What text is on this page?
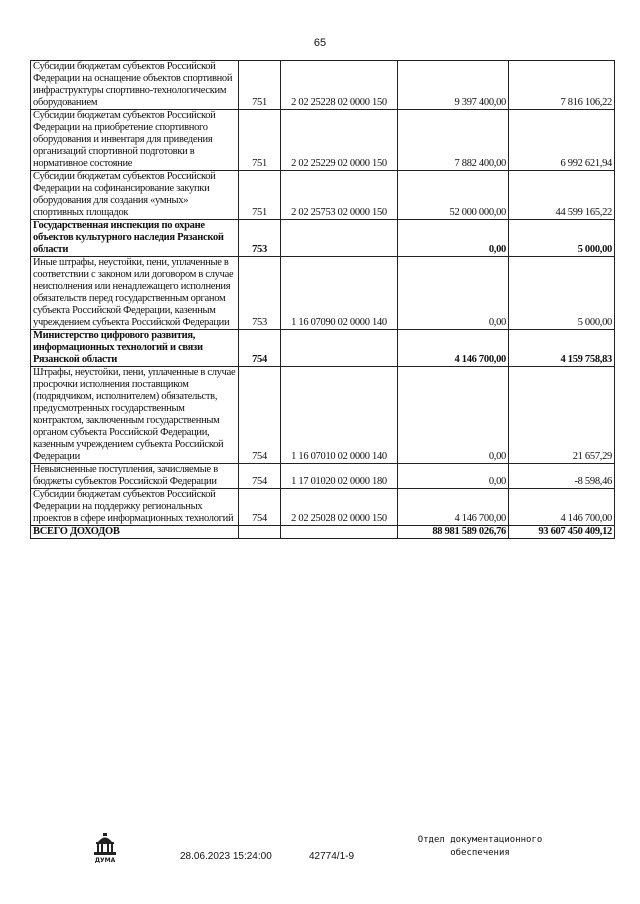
65
Субсидии бюджетам субъектов Российской Федерации на оснащение объектов спортивной инфраструктуры спортивно-технологическим оборудованием	751	2 02 25228 02 0000 150	9 397 400,00	7 816 106,22
Субсидии бюджетам субъектов Российской Федерации на приобретение спортивного оборудования и инвентаря для приведения организаций спортивной подготовки в нормативное состояние	751	2 02 25229 02 0000 150	7 882 400,00	6 992 621,94
Субсидии бюджетам субъектов Российской Федерации на софинансирование закупки оборудования для создания «умных» спортивных площадок	751	2 02 25753 02 0000 150	52 000 000,00	44 599 165,22
Государственная инспекция по охране объектов культурного наследия Рязанской области	753		0,00	5 000,00
Иные штрафы, неустойки, пени, уплаченные в соответствии с законом или договором в случае неисполнения или ненадлежащего исполнения обязательств перед государственным органом субъекта Российской Федерации, казенным учреждением субъекта Российской Федерации	753	1 16 07090 02 0000 140	0,00	5 000,00
Министерство цифрового развития, информационных технологий и связи Рязанской области	754		4 146 700,00	4 159 758,83
Штрафы, неустойки, пени, уплаченные в случае просрочки исполнения поставщиком (подрядчиком, исполнителем) обязательств, предусмотренных государственным контрактом, заключенным государственным органом субъекта Российской Федерации, казенным учреждением субъекта Российской Федерации	754	1 16 07010 02 0000 140	0,00	21 657,29
Невыясненные поступления, зачисляемые в бюджеты субъектов Российской Федерации	754	1 17 01020 02 0000 180	0,00	-8 598,46
Субсидии бюджетам субъектов Российской Федерации на поддержку региональных проектов в сфере информационных технологий	754	2 02 25028 02 0000 150	4 146 700,00	4 146 700,00
ВСЕГО ДОХОДОВ			88 981 589 026,76	93 607 450 409,12
ДУМА	28.06.2023 15:24:00	42774/1-9
Отдел документационного
обеспечения
